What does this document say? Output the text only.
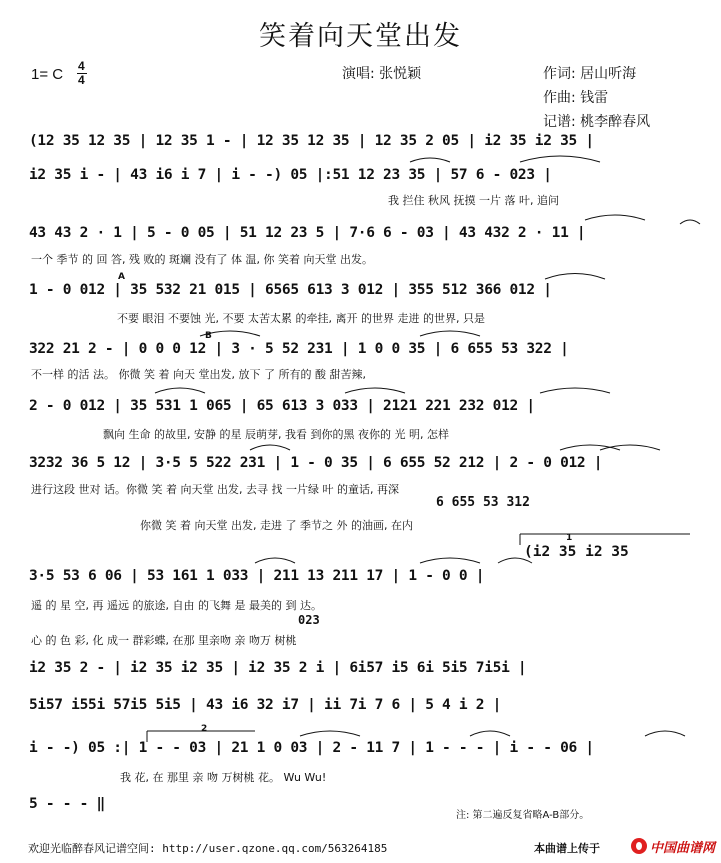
笑着向天堂出发
1= C 4
4	演唱: 张悦颖	作词: 居山听海
作曲: 钱雷
记谱: 桃李醉春风
(12 35 12 35 | 12 35 1 - | 12 35 12 35 | 12 35 2 05 | i2 35 i2 35 |
i2 35 i - | 43 i6 i 7 | i - -) 05 |:51 12 23 35 | 57 6 - 023 |
我 拦住 秋风 抚摸 一片 落 叶, 追问
43 43 2 · 1 | 5 - 0 05 | 51 12 23 5 | 7·6 6 - 03 | 43 432 2 · 11 |
一个 季节 的 回 答, 残 败的 斑斓 没有了 体 温, 你 笑着 向天堂 出发。
1 - 0 012 | 35 532 21 015 | 6565 613 3 012 | 355 512 366 012 |
A
不要 眼泪 不要蚀 光, 不要 太苦太累 的牵挂, 离开 的世界 走进 的世界, 只是
322 21 2 - | 0 0 0 12 | 3 · 5 52 231 | 1 0 0 35 | 6 655 53 322 |
B
不一样 的活 法。 你微 笑 着 向天 堂出发, 放下 了 所有的 酸 甜苦辣,
2 - 0 012 | 35 531 1 065 | 65 613 3 033 | 2121 221 232 012 |
飘向 生命 的故里, 安静 的星 辰萌芽, 我看 到你的黑 夜你的 光 明, 怎样
3232 36 5 12 | 3·5 5 522 231 | 1 - 0 35 | 6 655 52 212 | 2 - 0 012 |
进行这段 世对 话。你微 笑 着 向天堂 出发, 去寻 找 一片绿 叶 的童话, 再深
6 655 53 312
你微 笑 着 向天堂 出发, 走进 了 季节之 外 的油画, 在内
(i2 35 i2 35
1
3·5 53 6 06 | 53 161 1 033 | 211 13 211 17 | 1 - 0 0 |
遥 的 星 空, 再 遥远 的旅途, 自由 的飞舞 是 最美的 到 达。
023
心 的 色 彩, 化 成一 群彩蝶, 在那 里亲吻 亲 吻万 树桃
i2 35 2 - | i2 35 i2 35 | i2 35 2 i | 6i57 i5 6i 5i5 7i5i |
5i57 i55i 57i5 5i5 | 43 i6 32 i7 | ii 7i 7 6 | 5 4 i 2 |
2
i - -) 05 :| 1 - - 03 | 21 1 0 03 | 2 - 11 7 | 1 - - - | i - - 06 |
我 花, 在 那里 亲 吻 万树桃 花。 Wu Wu!
5 - - - ‖
注: 第二遍反复省略A-B部分。
欢迎光临醉春风记谱空间: http://user.qzone.qq.com/563264185	本曲谱上传于	中国曲谱网
